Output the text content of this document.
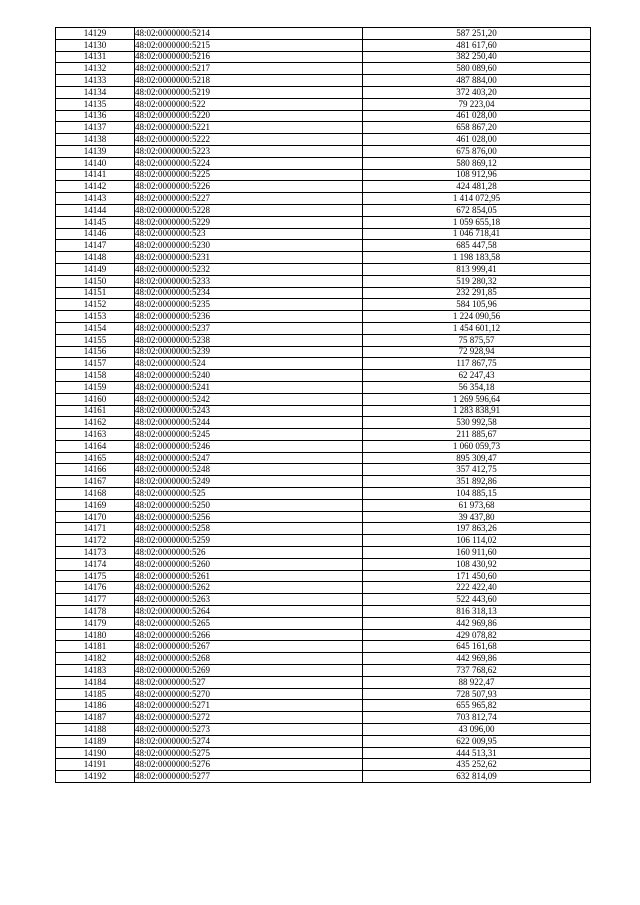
14129	48:02:0000000:5214	587 251,20
14130	48:02:0000000:5215	481 617,60
14131	48:02:0000000:5216	382 250,40
14132	48:02:0000000:5217	580 089,60
14133	48:02:0000000:5218	487 884,00
14134	48:02:0000000:5219	372 403,20
14135	48:02:0000000:522	79 223,04
14136	48:02:0000000:5220	461 028,00
14137	48:02:0000000:5221	658 867,20
14138	48:02:0000000:5222	461 028,00
14139	48:02:0000000:5223	675 876,00
14140	48:02:0000000:5224	580 869,12
14141	48:02:0000000:5225	108 912,96
14142	48:02:0000000:5226	424 481,28
14143	48:02:0000000:5227	1 414 072,95
14144	48:02:0000000:5228	672 854,05
14145	48:02:0000000:5229	1 059 655,18
14146	48:02:0000000:523	1 046 718,41
14147	48:02:0000000:5230	685 447,58
14148	48:02:0000000:5231	1 198 183,58
14149	48:02:0000000:5232	813 999,41
14150	48:02:0000000:5233	519 280,32
14151	48:02:0000000:5234	232 291,85
14152	48:02:0000000:5235	584 105,96
14153	48:02:0000000:5236	1 224 090,56
14154	48:02:0000000:5237	1 454 601,12
14155	48:02:0000000:5238	75 875,57
14156	48:02:0000000:5239	72 928,94
14157	48:02:0000000:524	117 867,75
14158	48:02:0000000:5240	62 247,43
14159	48:02:0000000:5241	56 354,18
14160	48:02:0000000:5242	1 269 596,64
14161	48:02:0000000:5243	1 283 838,91
14162	48:02:0000000:5244	530 992,58
14163	48:02:0000000:5245	211 885,67
14164	48:02:0000000:5246	1 060 059,73
14165	48:02:0000000:5247	895 309,47
14166	48:02:0000000:5248	357 412,75
14167	48:02:0000000:5249	351 892,86
14168	48:02:0000000:525	104 885,15
14169	48:02:0000000:5250	61 973,68
14170	48:02:0000000:5256	39 437,80
14171	48:02:0000000:5258	197 863,26
14172	48:02:0000000:5259	106 114,02
14173	48:02:0000000:526	160 911,60
14174	48:02:0000000:5260	108 430,92
14175	48:02:0000000:5261	171 450,60
14176	48:02:0000000:5262	222 422,40
14177	48:02:0000000:5263	522 443,60
14178	48:02:0000000:5264	816 318,13
14179	48:02:0000000:5265	442 969,86
14180	48:02:0000000:5266	429 078,82
14181	48:02:0000000:5267	645 161,68
14182	48:02:0000000:5268	442 969,86
14183	48:02:0000000:5269	737 768,62
14184	48:02:0000000:527	88 922,47
14185	48:02:0000000:5270	728 507,93
14186	48:02:0000000:5271	655 965,82
14187	48:02:0000000:5272	703 812,74
14188	48:02:0000000:5273	43 096,00
14189	48:02:0000000:5274	622 009,95
14190	48:02:0000000:5275	444 513,31
14191	48:02:0000000:5276	435 252,62
14192	48:02:0000000:5277	632 814,09
